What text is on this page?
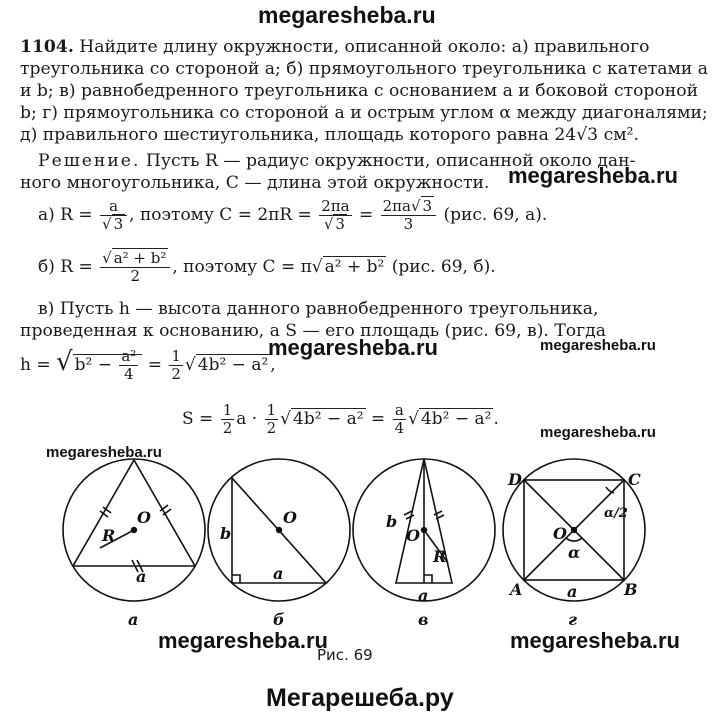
megaresheba.ru
megaresheba.ru
megaresheba.ru	megaresheba.ru
megaresheba.ru
megaresheba.ru
megaresheba.ru	megaresheba.ru
Мегарешеба.ру
1104. Найдите длину окружности, описанной около: а) правильного
треугольника со стороной a; б) прямоугольного треугольника с катетами a
и b; в) равнобедренного треугольника с основанием a и боковой стороной
b; г) прямоугольника со стороной a и острым углом α между диагоналями;
д) правильного шестиугольника, площадь которого равна 24√3 см².
Решение. Пусть R — радиус окружности, описанной около дан-
ного многоугольника, C — длина этой окружности.
а) $R = \frac{a}{√ 3}$ , поэтому $C = 2\pi R = \frac{2\pi a}{√ 3} = \frac{2\pi a√ 3}{3} (рис$. 69, а).
б) $R = \frac{\text{√ a² + b²}}{2}$ , поэтому C = π√ a² + b² (рис. 69, б).
в) Пусть h — высота данного равнобедренного треугольника,
проведенная к основанию, а S — его площадь (рис. 69, в). Тогда
h = √ $b^2 - \frac{\text{a²}}{4} = \frac{1}{2}$ √ 4b² − a² ,
$S = \frac{1}{2}$ $a \cdot \frac{1}{2}$ √ $4b^2 - a^2 = \frac{a}{4}$ √ 4b² − a² .
O
R
a
O
b
a
O
b
R
a
O
α
a
α/2
D	C
A	B
а	б	в	г
Рис. 69
